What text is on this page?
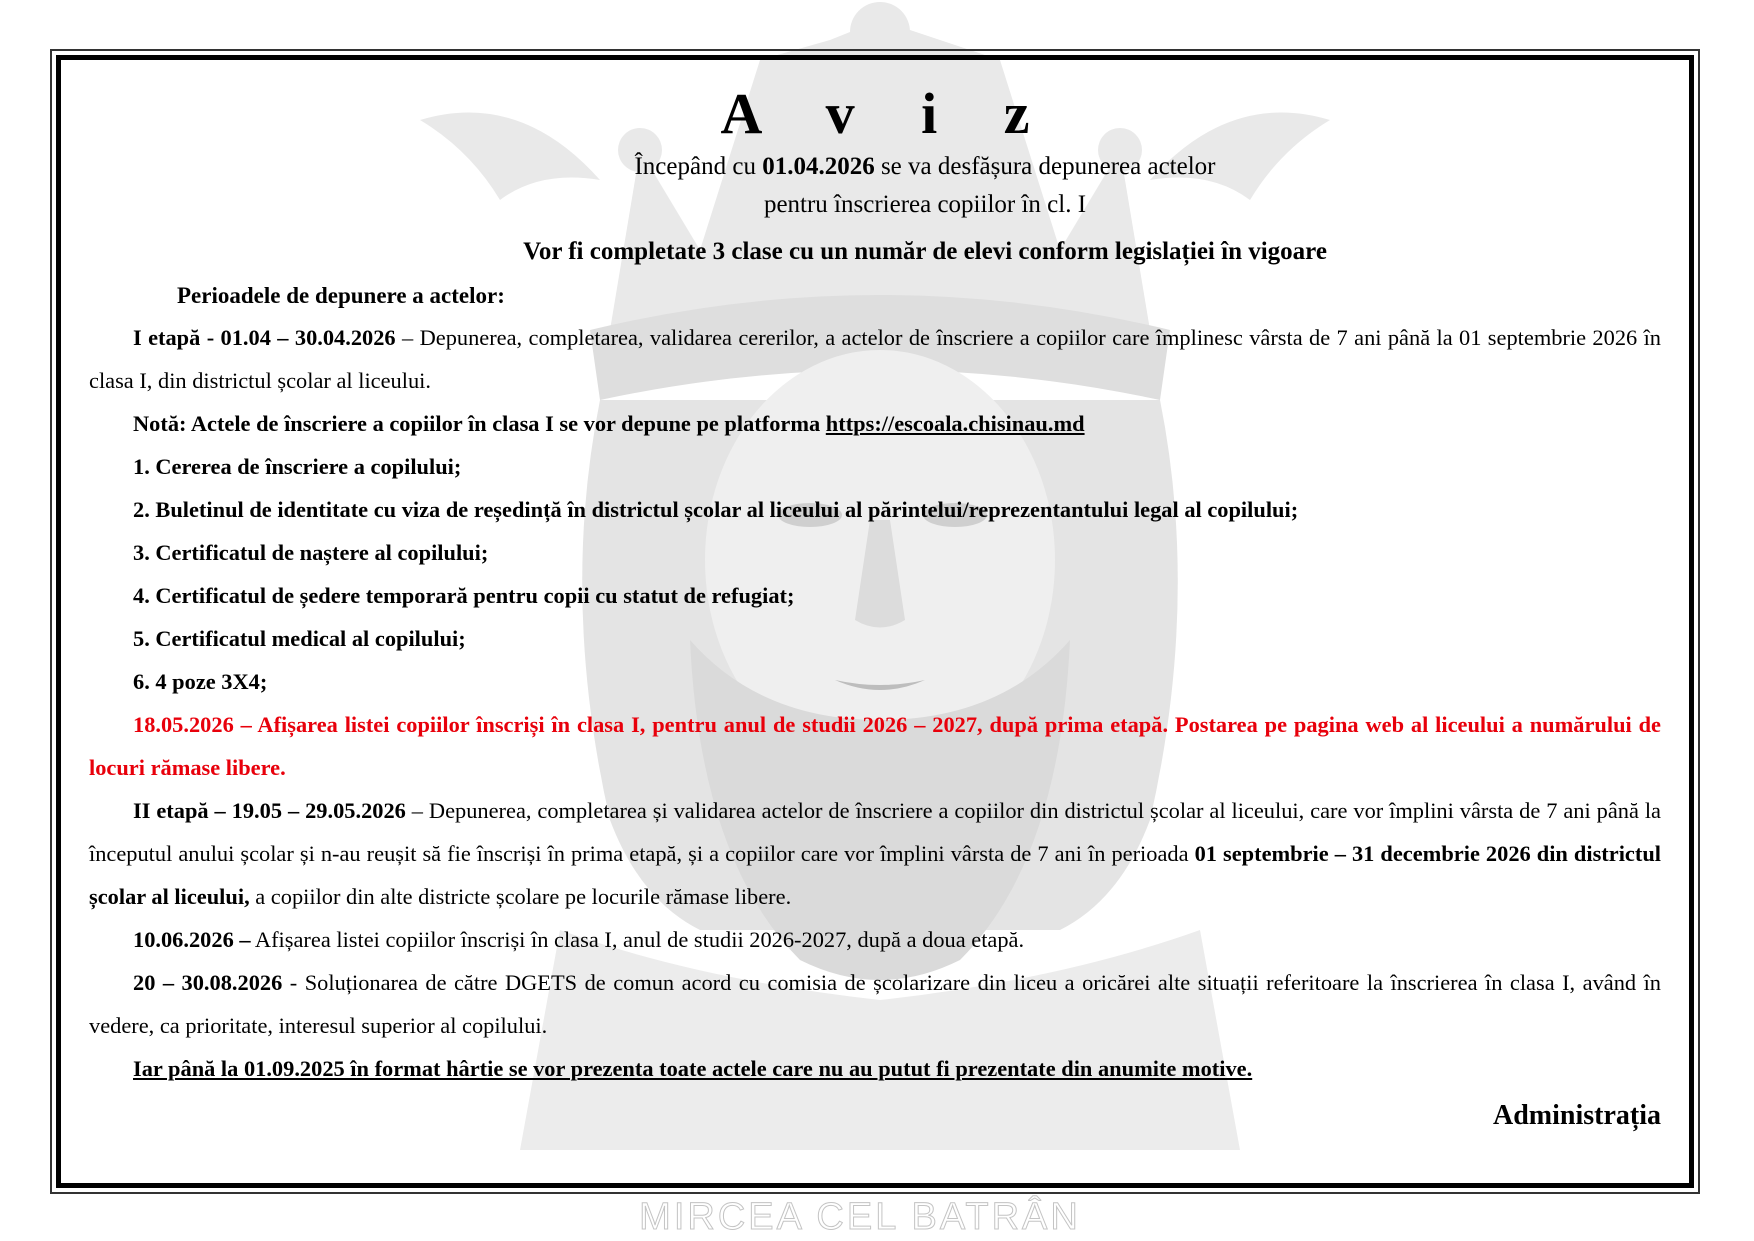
MIRCEA CEL BATRÂN
A v i z
Începând cu 01.04.2026 se va desfășura depunerea actelor
pentru înscrierea copiilor în cl. I
Vor fi completate 3 clase cu un număr de elevi conform legislației în vigoare
Perioadele de depunere a actelor:

I etapă - 01.04 – 30.04.2026 – Depunerea, completarea, validarea cererilor, a actelor de înscriere a copiilor care împlinesc vârsta de 7 ani până la 01 septembrie 2026 în clasa I, din districtul școlar al liceului.

Notă: Actele de înscriere a copiilor în clasa I se vor depune pe platforma https://escoala.chisinau.md

1. Cererea de înscriere a copilului;

2. Buletinul de identitate cu viza de reședință în districtul școlar al liceului al părintelui/reprezentantului legal al copilului;

3. Certificatul de naștere al copilului;

4. Certificatul de ședere temporară pentru copii cu statut de refugiat;

5. Certificatul medical al copilului;

6. 4 poze 3X4;

18.05.2026 – Afișarea listei copiilor înscriși în clasa I, pentru anul de studii 2026 – 2027, după prima etapă. Postarea pe pagina web al liceului a numărului de locuri rămase libere.

II etapă – 19.05 – 29.05.2026 – Depunerea, completarea și validarea actelor de înscriere a copiilor din districtul școlar al liceului, care vor împlini vârsta de 7 ani până la începutul anului școlar și n-au reușit să fie înscriși în prima etapă, și a copiilor care vor împlini vârsta de 7 ani în perioada 01 septembrie – 31 decembrie 2026 din districtul școlar al liceului, a copiilor din alte districte școlare pe locurile rămase libere.

10.06.2026 – Afișarea listei copiilor înscriși în clasa I, anul de studii 2026-2027, după a doua etapă.

20 – 30.08.2026 - Soluționarea de către DGETS de comun acord cu comisia de școlarizare din liceu a oricărei alte situații referitoare la înscrierea în clasa I, având în vedere, ca prioritate, interesul superior al copilului.

Iar până la 01.09.2025 în format hârtie se vor prezenta toate actele care nu au putut fi prezentate din anumite motive.

Administrația
